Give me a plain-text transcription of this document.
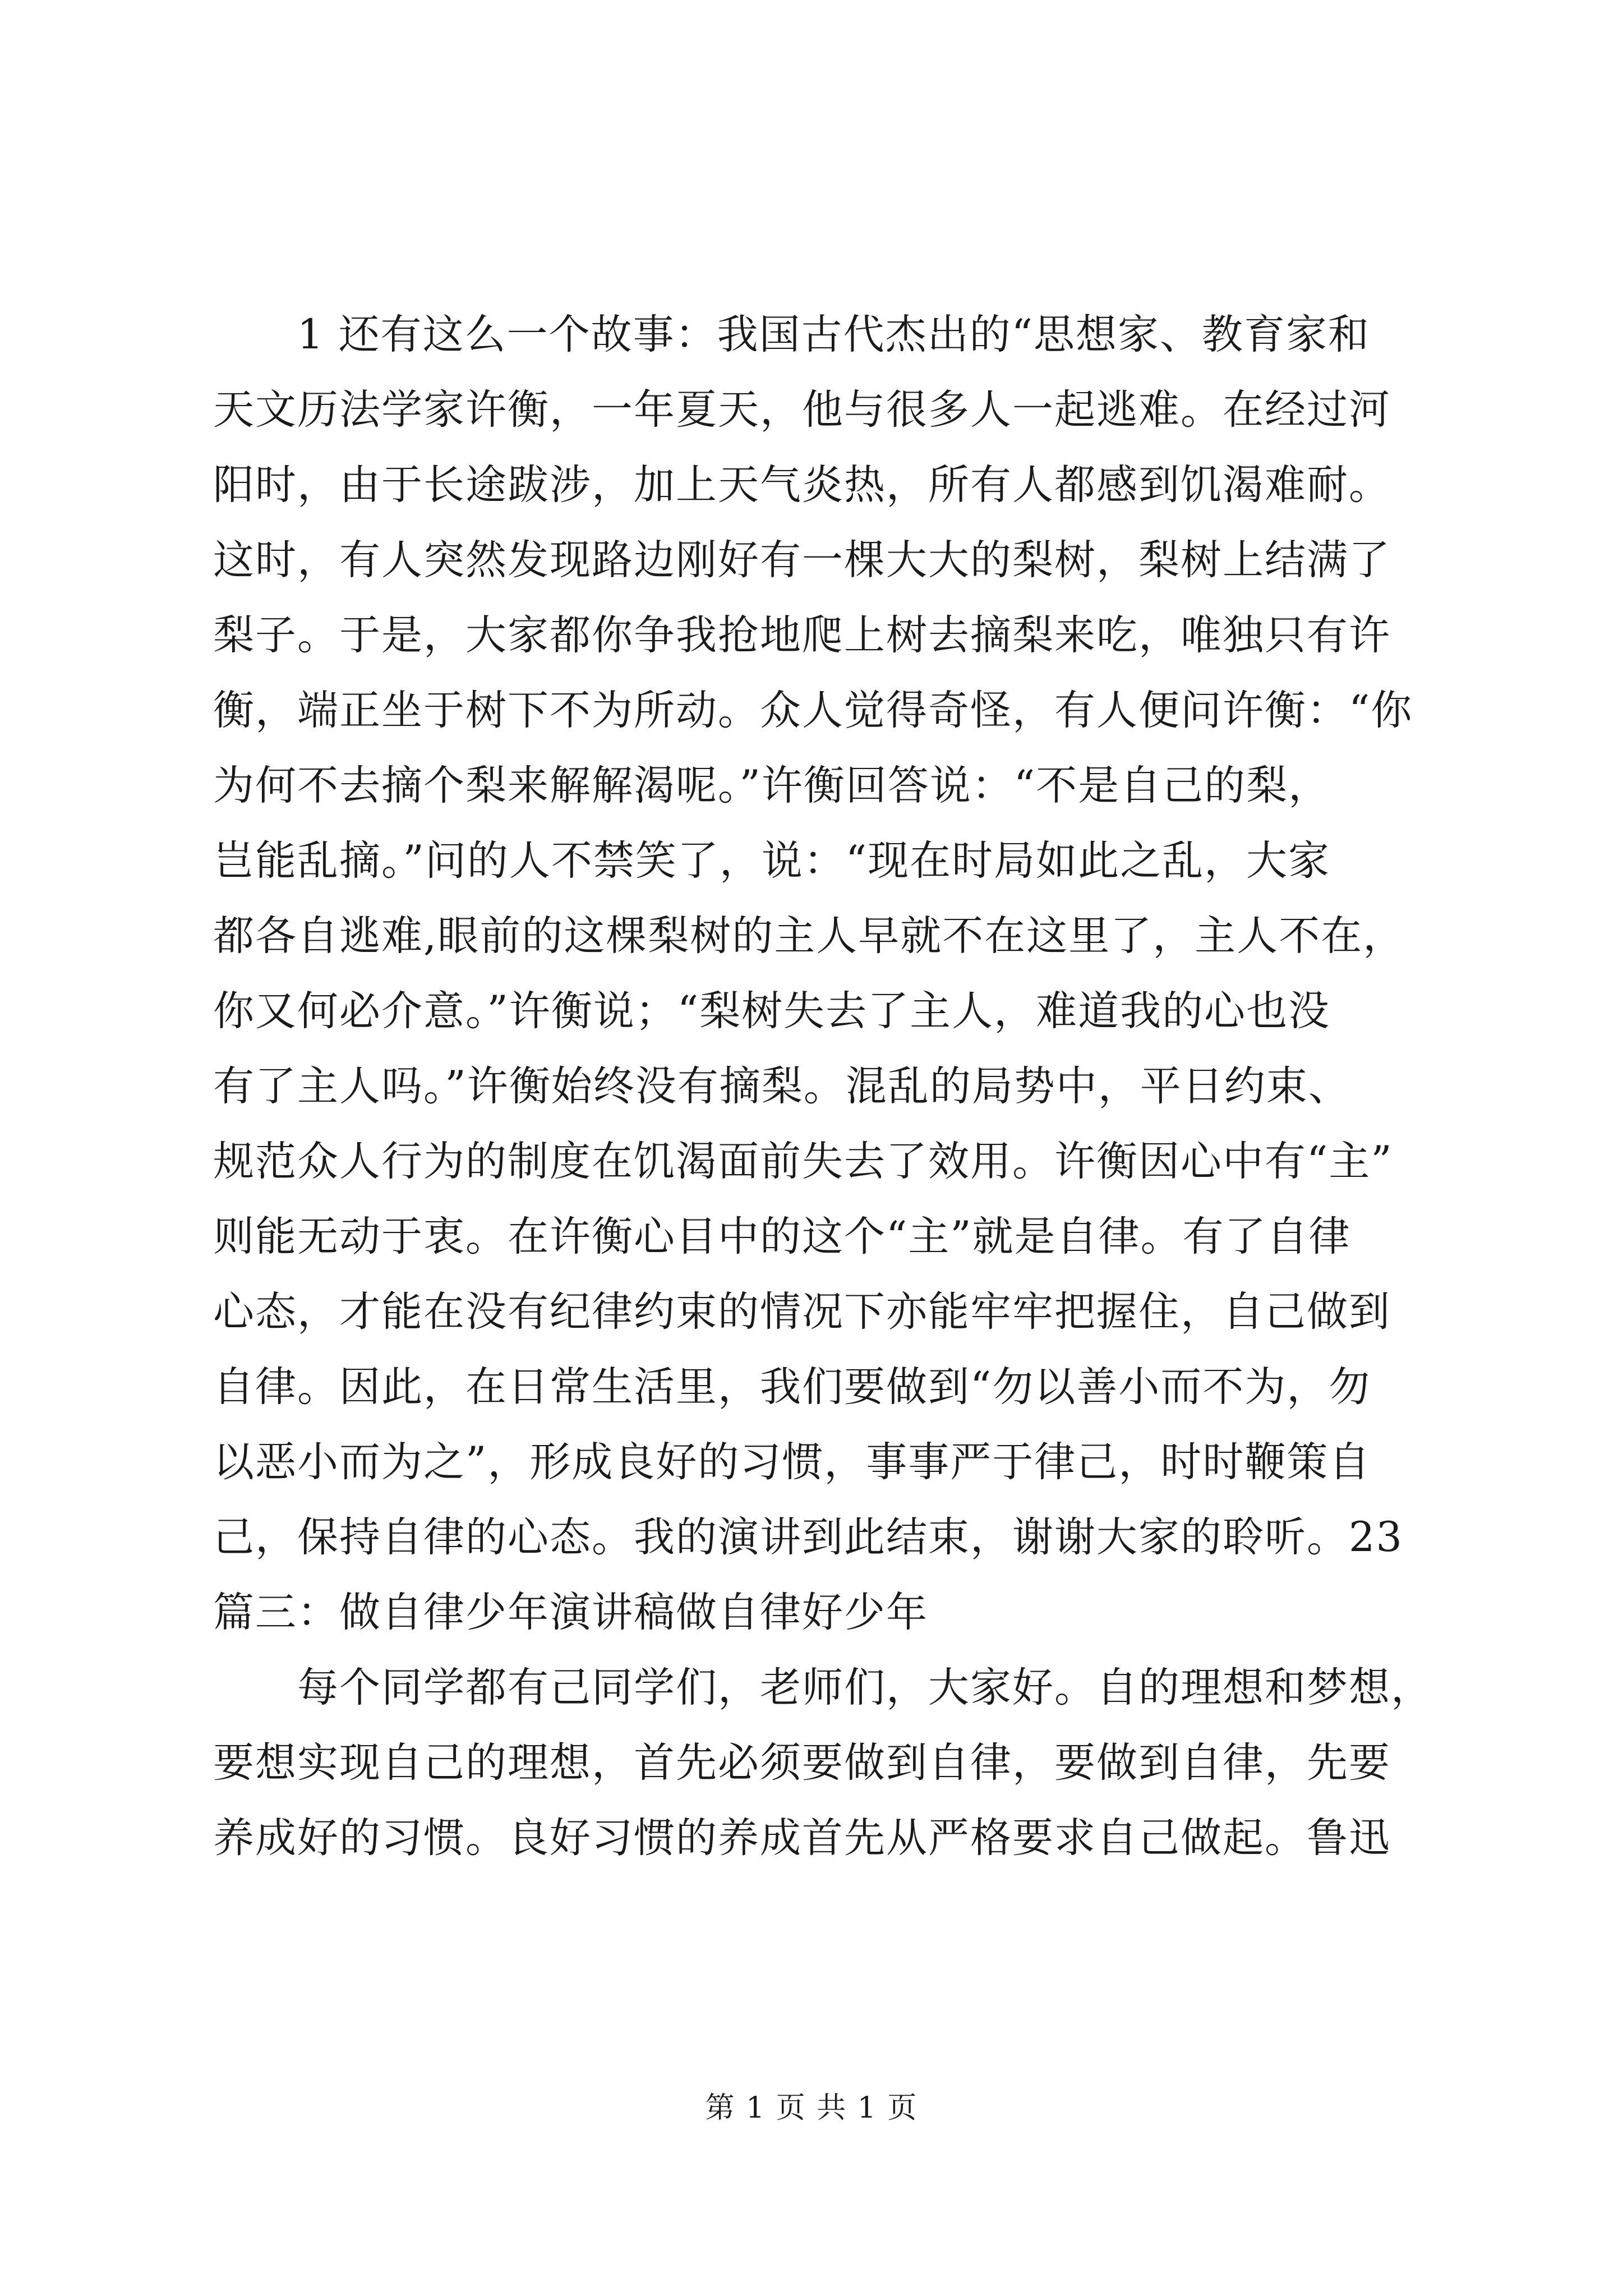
1 还有这么一个故事：我国古代杰出的“思想家、教育家和
天文历法学家许衡，一年夏天，他与很多人一起逃难。在经过河
阳时，由于长途跋涉，加上天气炎热，所有人都感到饥渴难耐。
这时，有人突然发现路边刚好有一棵大大的梨树，梨树上结满了
梨子。于是，大家都你争我抢地爬上树去摘梨来吃，唯独只有许
衡，端正坐于树下不为所动。众人觉得奇怪，有人便问许衡：“你
为何不去摘个梨来解解渴呢。”许衡回答说：“不是自己的梨，
岂能乱摘。”问的人不禁笑了，说：“现在时局如此之乱，大家
都各自逃难,眼前的这棵梨树的主人早就不在这里了，主人不在，
你又何必介意。”许衡说；“梨树失去了主人，难道我的心也没
有了主人吗。”许衡始终没有摘梨。混乱的局势中，平日约束、
规范众人行为的制度在饥渴面前失去了效用。许衡因心中有“主”
则能无动于衷。在许衡心目中的这个“主”就是自律。有了自律
心态，才能在没有纪律约束的情况下亦能牢牢把握住，自己做到
自律。因此，在日常生活里，我们要做到“勿以善小而不为，勿
以恶小而为之”，形成良好的习惯，事事严于律己，时时鞭策自
己，保持自律的心态。我的演讲到此结束，谢谢大家的聆听。23
篇三：做自律少年演讲稿做自律好少年
每个同学都有己同学们，老师们，大家好。自的理想和梦想，
要想实现自己的理想，首先必须要做到自律，要做到自律，先要
养成好的习惯。良好习惯的养成首先从严格要求自己做起。鲁迅
第 1 页 共 1 页
